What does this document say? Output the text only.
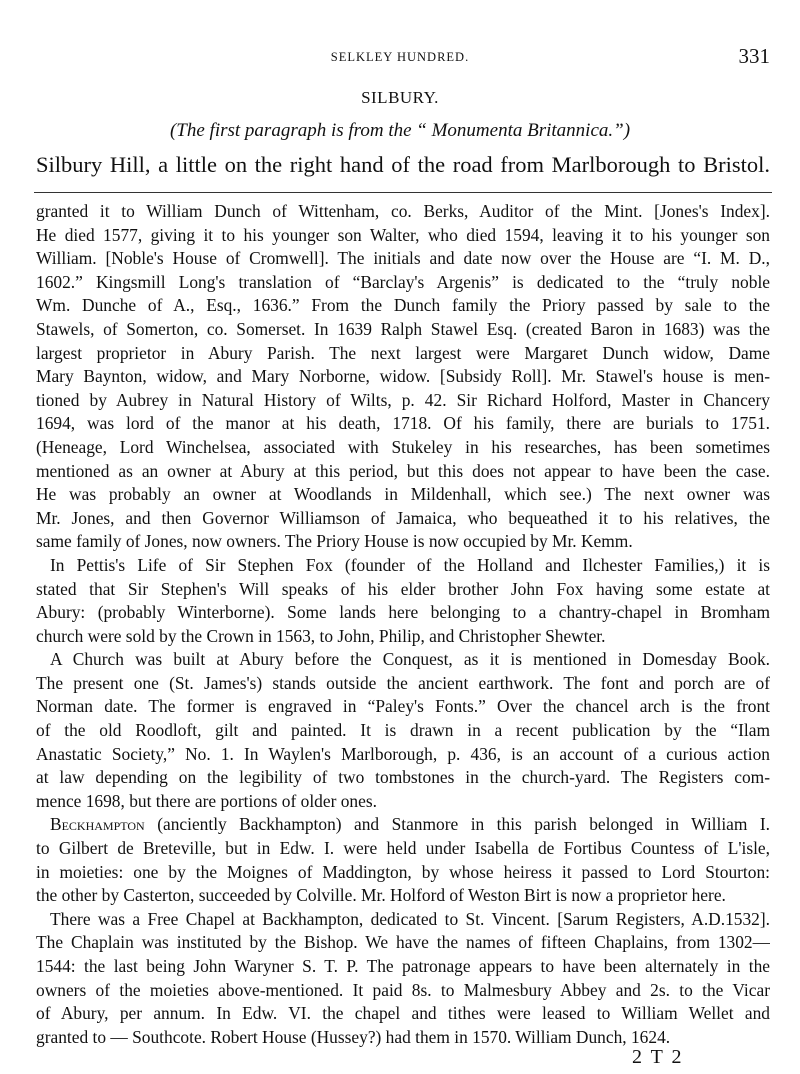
SELKLEY HUNDRED.	331
SILBURY.
(The first paragraph is from the “ Monumenta Britannica.”)
Silbury Hill, a little on the right hand of the road from Marlborough to Bristol.
granted it to William Dunch of Wittenham, co. Berks, Auditor of the Mint. [Jones's Index].
He died 1577, giving it to his younger son Walter, who died 1594, leaving it to his younger son
William. [Noble's House of Cromwell]. The initials and date now over the House are “I. M. D.,
1602.” Kingsmill Long's translation of “Barclay's Argenis” is dedicated to the “truly noble
Wm. Dunche of A., Esq., 1636.” From the Dunch family the Priory passed by sale to the
Stawels, of Somerton, co. Somerset. In 1639 Ralph Stawel Esq. (created Baron in 1683) was the
largest proprietor in Abury Parish. The next largest were Margaret Dunch widow, Dame
Mary Baynton, widow, and Mary Norborne, widow. [Subsidy Roll]. Mr. Stawel's house is men-
tioned by Aubrey in Natural History of Wilts, p. 42. Sir Richard Holford, Master in Chancery
1694, was lord of the manor at his death, 1718. Of his family, there are burials to 1751.
(Heneage, Lord Winchelsea, associated with Stukeley in his researches, has been sometimes
mentioned as an owner at Abury at this period, but this does not appear to have been the case.
He was probably an owner at Woodlands in Mildenhall, which see.) The next owner was
Mr. Jones, and then Governor Williamson of Jamaica, who bequeathed it to his relatives, the
same family of Jones, now owners. The Priory House is now occupied by Mr. Kemm.
In Pettis's Life of Sir Stephen Fox (founder of the Holland and Ilchester Families,) it is
stated that Sir Stephen's Will speaks of his elder brother John Fox having some estate at
Abury: (probably Winterborne). Some lands here belonging to a chantry-chapel in Bromham
church were sold by the Crown in 1563, to John, Philip, and Christopher Shewter.
A Church was built at Abury before the Conquest, as it is mentioned in Domesday Book.
The present one (St. James's) stands outside the ancient earthwork. The font and porch are of
Norman date. The former is engraved in “Paley's Fonts.” Over the chancel arch is the front
of the old Roodloft, gilt and painted. It is drawn in a recent publication by the “Ilam
Anastatic Society,” No. 1. In Waylen's Marlborough, p. 436, is an account of a curious action
at law depending on the legibility of two tombstones in the church-yard. The Registers com-
mence 1698, but there are portions of older ones.
Beckhampton (anciently Backhampton) and Stanmore in this parish belonged in William I.
to Gilbert de Breteville, but in Edw. I. were held under Isabella de Fortibus Countess of L'isle,
in moieties: one by the Moignes of Maddington, by whose heiress it passed to Lord Stourton:
the other by Casterton, succeeded by Colville. Mr. Holford of Weston Birt is now a proprietor here.
There was a Free Chapel at Backhampton, dedicated to St. Vincent. [Sarum Registers, A.D.1532].
The Chaplain was instituted by the Bishop. We have the names of fifteen Chaplains, from 1302—
1544: the last being John Waryner S. T. P. The patronage appears to have been alternately in the
owners of the moieties above-mentioned. It paid 8s. to Malmesbury Abbey and 2s. to the Vicar
of Abury, per annum. In Edw. VI. the chapel and tithes were leased to William Wellet and
granted to — Southcote. Robert House (Hussey?) had them in 1570. William Dunch, 1624.
2 T 2
